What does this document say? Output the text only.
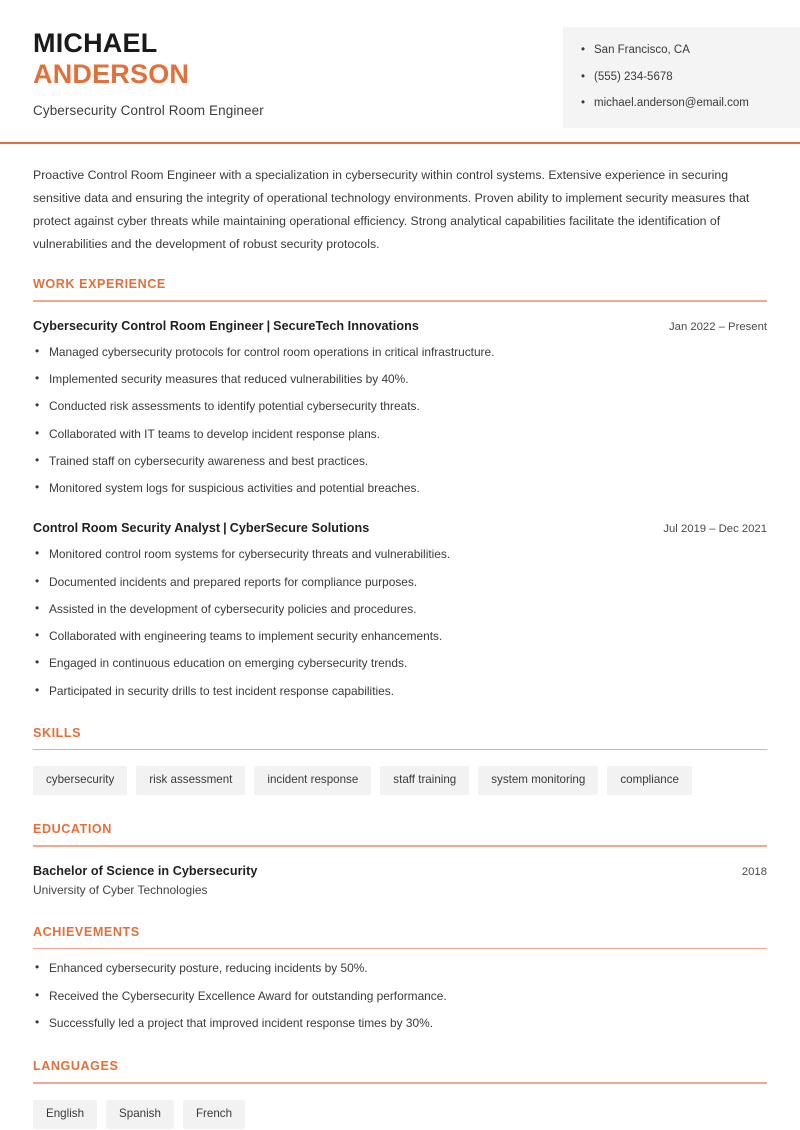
MICHAEL
ANDERSON
Cybersecurity Control Room Engineer
• San Francisco, CA
• (555) 234-5678
• michael.anderson@email.com
Proactive Control Room Engineer with a specialization in cybersecurity within control systems. Extensive experience in securing sensitive data and ensuring the integrity of operational technology environments. Proven ability to implement security measures that protect against cyber threats while maintaining operational efficiency. Strong analytical capabilities facilitate the identification of vulnerabilities and the development of robust security protocols.
WORK EXPERIENCE
Cybersecurity Control Room Engineer | SecureTech Innovations	Jan 2022 – Present
• Managed cybersecurity protocols for control room operations in critical infrastructure.
• Implemented security measures that reduced vulnerabilities by 40%.
• Conducted risk assessments to identify potential cybersecurity threats.
• Collaborated with IT teams to develop incident response plans.
• Trained staff on cybersecurity awareness and best practices.
• Monitored system logs for suspicious activities and potential breaches.
Control Room Security Analyst | CyberSecure Solutions	Jul 2019 – Dec 2021
• Monitored control room systems for cybersecurity threats and vulnerabilities.
• Documented incidents and prepared reports for compliance purposes.
• Assisted in the development of cybersecurity policies and procedures.
• Collaborated with engineering teams to implement security enhancements.
• Engaged in continuous education on emerging cybersecurity trends.
• Participated in security drills to test incident response capabilities.
SKILLS
cybersecurity	risk assessment	incident response	staff training	system monitoring	compliance
EDUCATION
Bachelor of Science in Cybersecurity	2018
University of Cyber Technologies
ACHIEVEMENTS
• Enhanced cybersecurity posture, reducing incidents by 50%.
• Received the Cybersecurity Excellence Award for outstanding performance.
• Successfully led a project that improved incident response times by 30%.
LANGUAGES
English	Spanish	French
